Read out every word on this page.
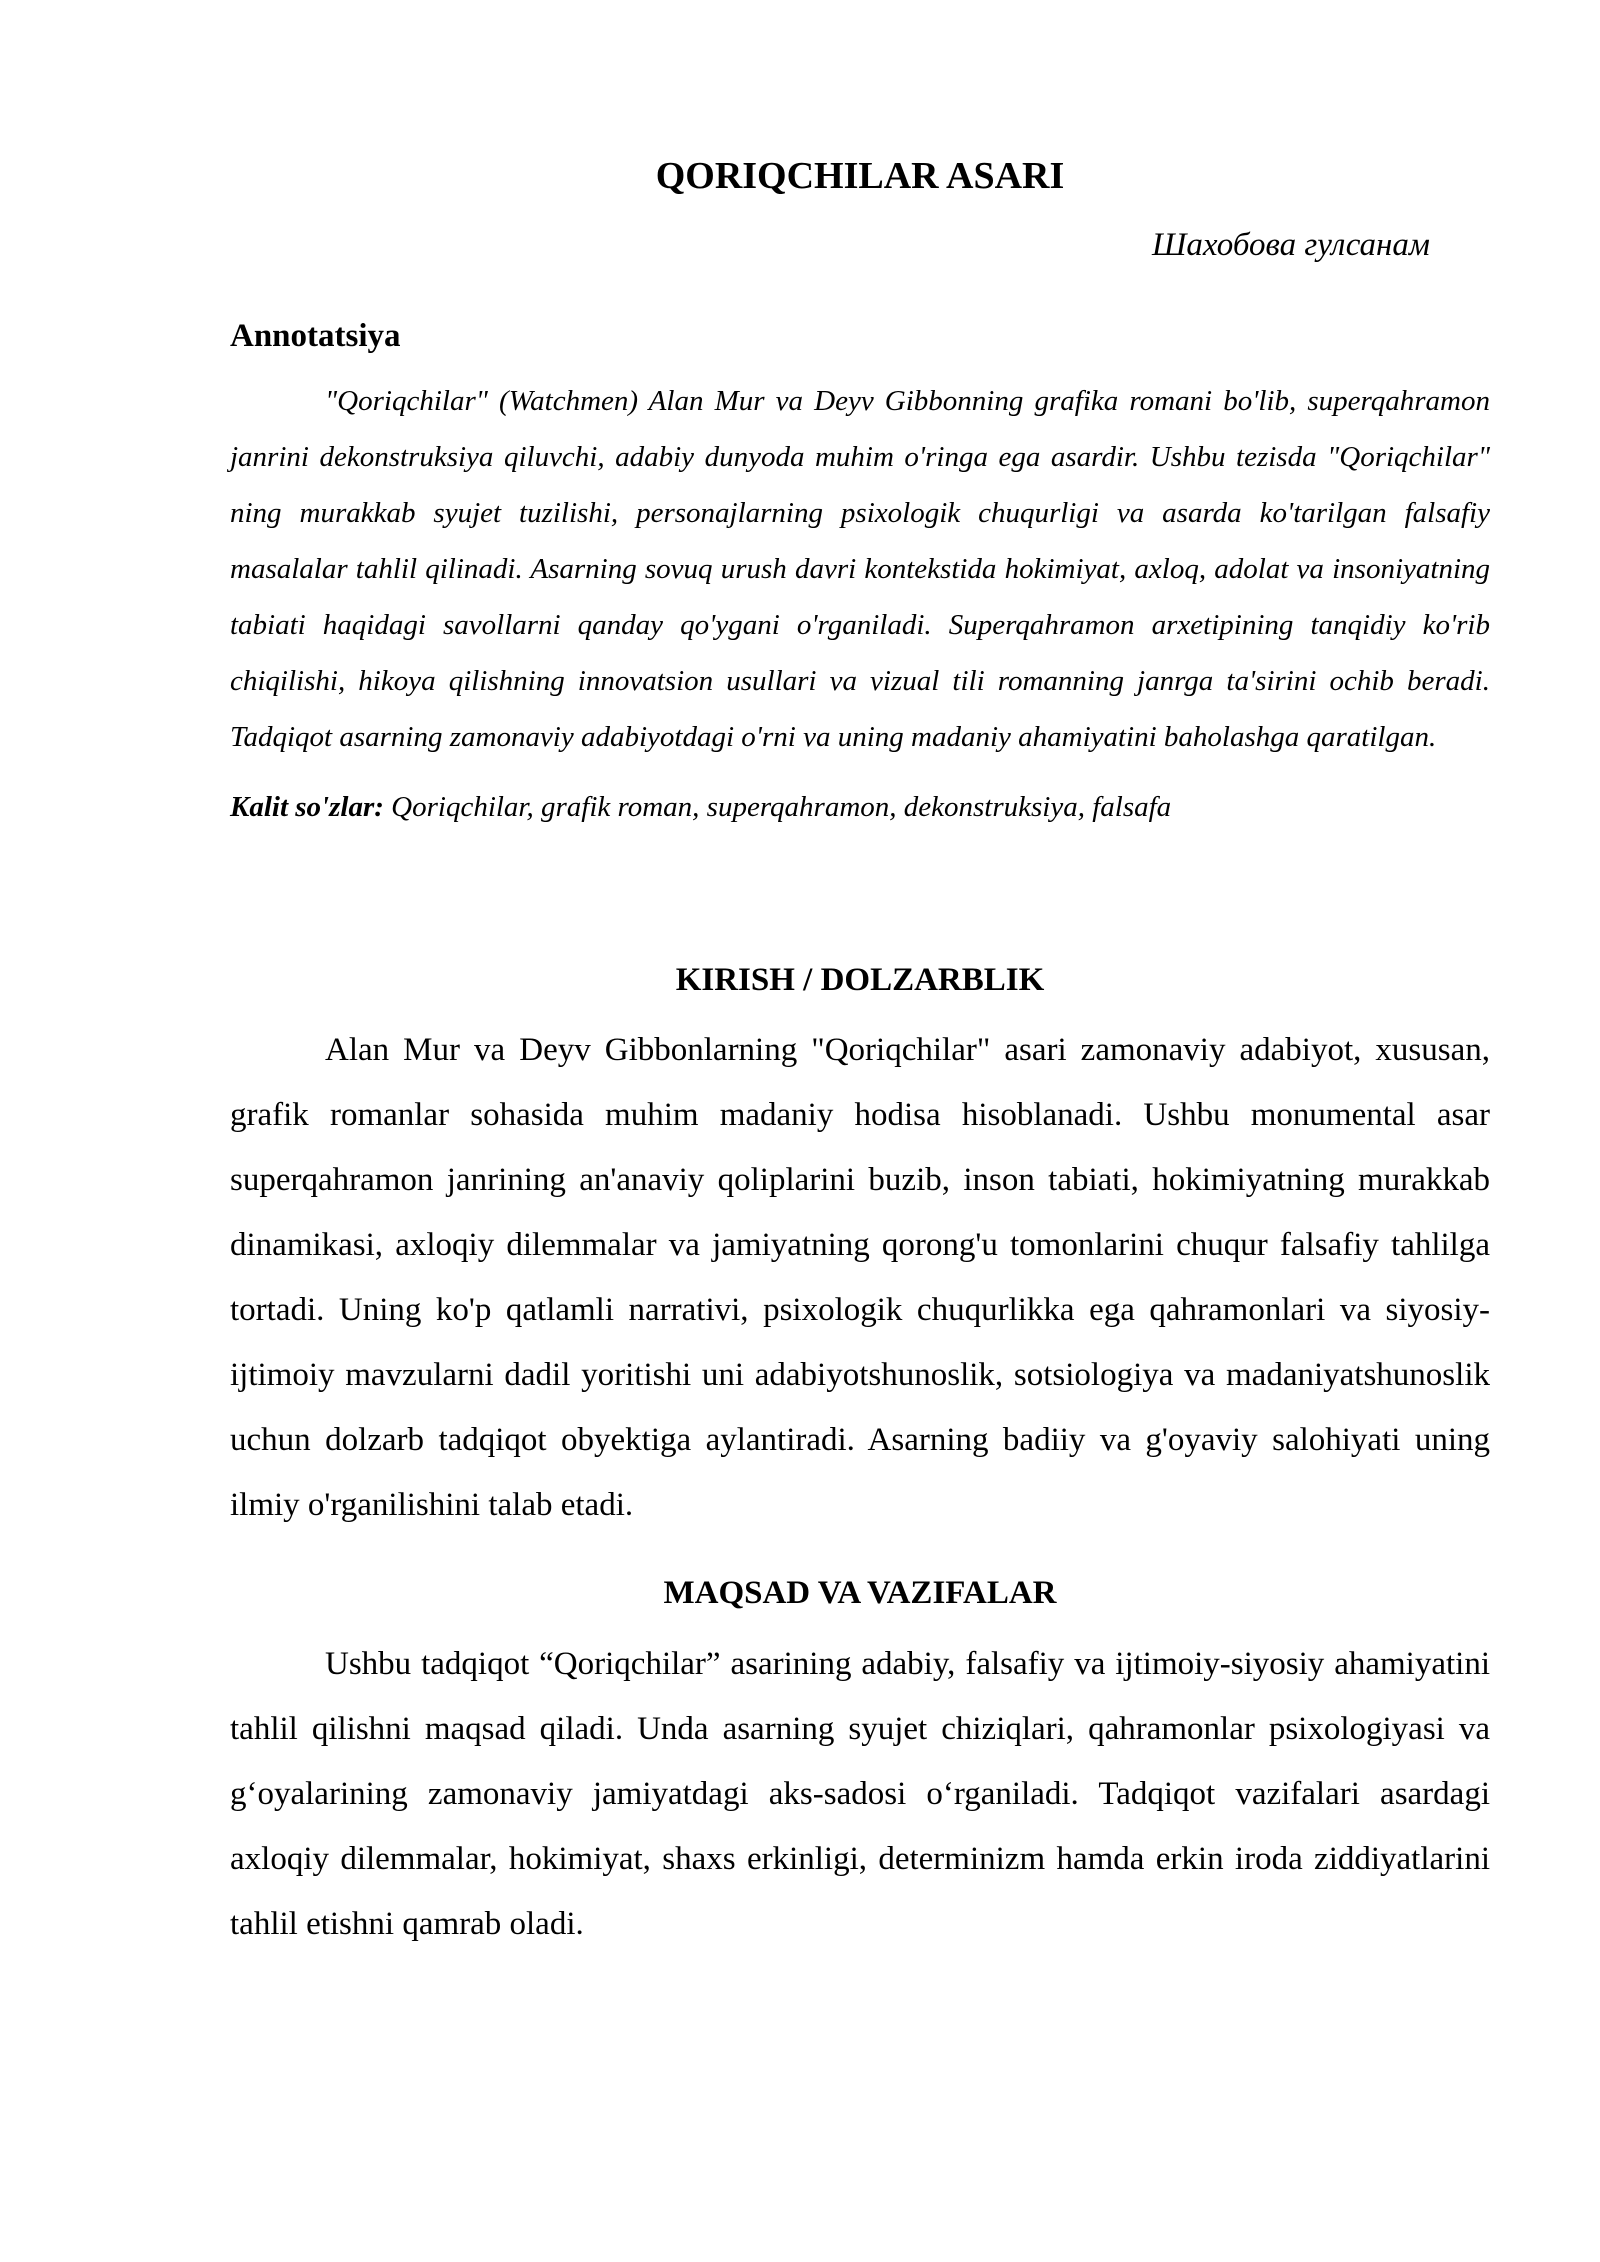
QORIQCHILAR ASARI

Шахобова гулсанам

Annotatsiya

"Qoriqchilar" (Watchmen) Alan Mur va Deyv Gibbonning grafika romani bo'lib, superqahramon janrini dekonstruksiya qiluvchi, adabiy dunyoda muhim o'ringa ega asardir. Ushbu tezisda "Qoriqchilar" ning murakkab syujet tuzilishi, personajlarning psixologik chuqurligi va asarda ko'tarilgan falsafiy masalalar tahlil qilinadi. Asarning sovuq urush davri kontekstida hokimiyat, axloq, adolat va insoniyatning tabiati haqidagi savollarni qanday qo'ygani o'rganiladi. Superqahramon arxetipining tanqidiy ko'rib chiqilishi, hikoya qilishning innovatsion usullari va vizual tili romanning janrga ta'sirini ochib beradi. Tadqiqot asarning zamonaviy adabiyotdagi o'rni va uning madaniy ahamiyatini baholashga qaratilgan.

Kalit so'zlar: Qoriqchilar, grafik roman, superqahramon, dekonstruksiya, falsafa

KIRISH / DOLZARBLIK

Alan Mur va Deyv Gibbonlarning "Qoriqchilar" asari zamonaviy adabiyot, xususan, grafik romanlar sohasida muhim madaniy hodisa hisoblanadi. Ushbu monumental asar superqahramon janrining an'anaviy qoliplarini buzib, inson tabiati, hokimiyatning murakkab dinamikasi, axloqiy dilemmalar va jamiyatning qorong'u tomonlarini chuqur falsafiy tahlilga tortadi. Uning ko'p qatlamli narrativi, psixologik chuqurlikka ega qahramonlari va siyosiy-ijtimoiy mavzularni dadil yoritishi uni adabiyotshunoslik, sotsiologiya va madaniyatshunoslik uchun dolzarb tadqiqot obyektiga aylantiradi. Asarning badiiy va g'oyaviy salohiyati uning ilmiy o'rganilishini talab etadi.

MAQSAD VA VAZIFALAR

Ushbu tadqiqot “Qoriqchilar” asarining adabiy, falsafiy va ijtimoiy-siyosiy ahamiyatini tahlil qilishni maqsad qiladi. Unda asarning syujet chiziqlari, qahramonlar psixologiyasi va g‘oyalarining zamonaviy jamiyatdagi aks-sadosi o‘rganiladi. Tadqiqot vazifalari asardagi axloqiy dilemmalar, hokimiyat, shaxs erkinligi, determinizm hamda erkin iroda ziddiyatlarini tahlil etishni qamrab oladi.
